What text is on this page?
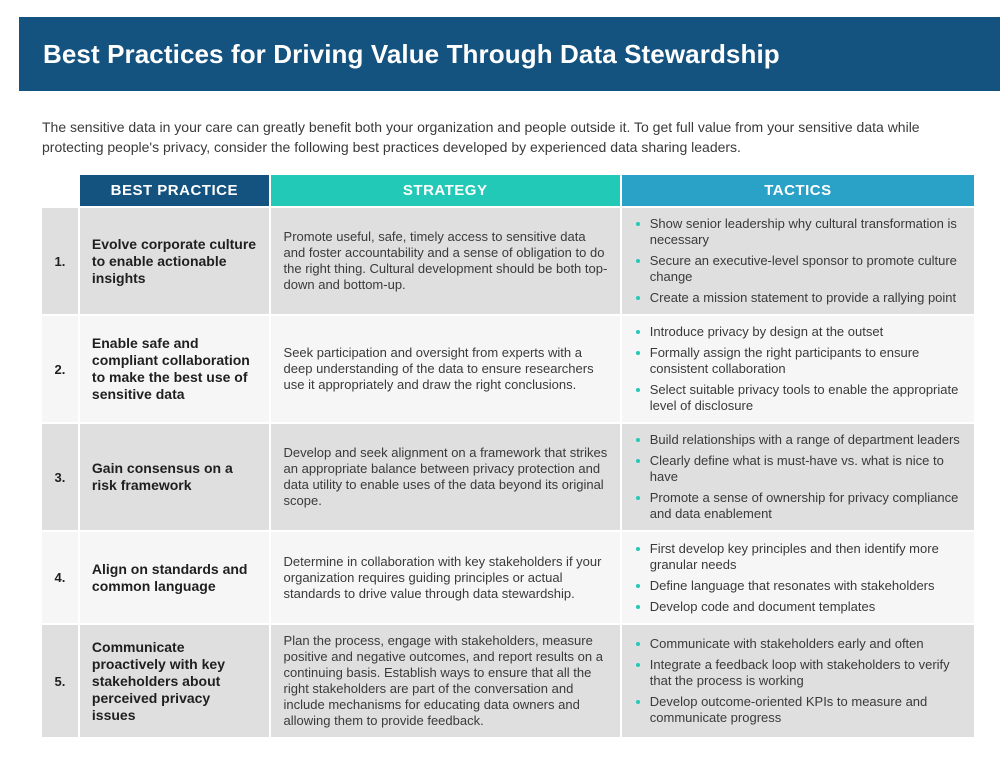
Best Practices for Driving Value Through Data Stewardship

The sensitive data in your care can greatly benefit both your organization and people outside it. To get full value from your sensitive data while protecting people's privacy, consider the following best practices developed by experienced data sharing leaders.

BEST PRACTICE	STRATEGY	TACTICS
1.
Evolve corporate culture to enable actionable insights
Promote useful, safe, timely access to sensitive data and foster accountability and a sense of obligation to do the right thing. Cultural development should be both top-down and bottom-up.
Show senior leadership why cultural transformation is necessary
Secure an executive-level sponsor to promote culture change
Create a mission statement to provide a rallying point
2.
Enable safe and compliant collaboration to make the best use of sensitive data
Seek participation and oversight from experts with a deep understanding of the data to ensure researchers use it appropriately and draw the right conclusions.
Introduce privacy by design at the outset
Formally assign the right participants to ensure consistent collaboration
Select suitable privacy tools to enable the appropriate level of disclosure
3.
Gain consensus on a risk framework
Develop and seek alignment on a framework that strikes an appropriate balance between privacy protection and data utility to enable uses of the data beyond its original scope.
Build relationships with a range of department leaders
Clearly define what is must-have vs. what is nice to have
Promote a sense of ownership for privacy compliance and data enablement
4.
Align on standards and common language
Determine in collaboration with key stakeholders if your organization requires guiding principles or actual standards to drive value through data stewardship.
First develop key principles and then identify more granular needs
Define language that resonates with stakeholders
Develop code and document templates
5.
Communicate proactively with key stakeholders about perceived privacy issues
Plan the process, engage with stakeholders, measure positive and negative outcomes, and report results on a continuing basis. Establish ways to ensure that all the right stakeholders are part of the conversation and include mechanisms for educating data owners and allowing them to provide feedback.
Communicate with stakeholders early and often
Integrate a feedback loop with stakeholders to verify that the process is working
Develop outcome-oriented KPIs to measure and communicate progress
